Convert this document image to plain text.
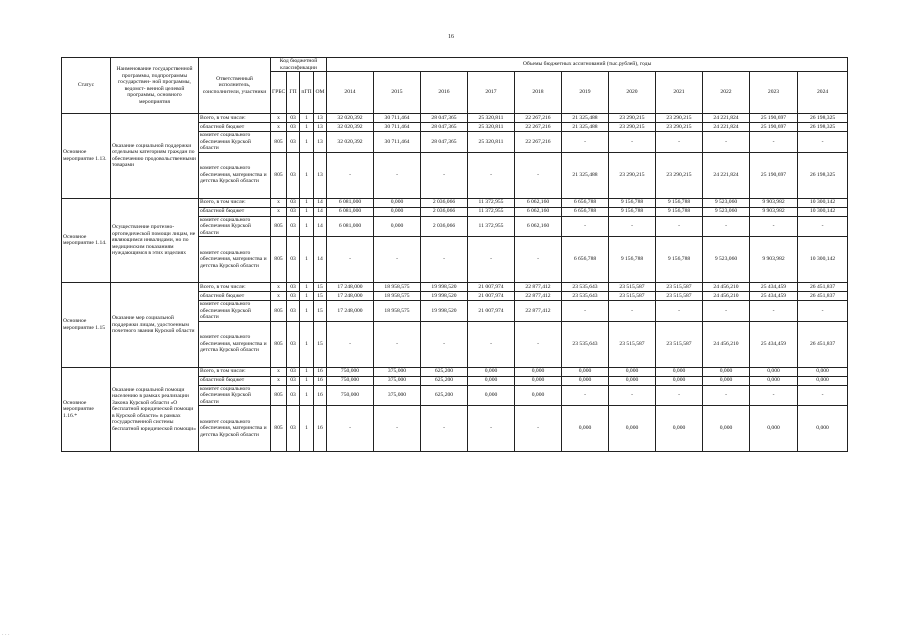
16
Статус	Наименование государственной программы, подпрограммы государствен- ной программы, ведомст- венной целевой программы, основного мероприятия	Ответственный исполнитель, соисполнители, участники	Код бюджетной классификации				Объемы бюджетных ассигнований (тыс.рублей), годы										
			ГРБС	ГП	пГП	ОМ	2014	2015	2016	2017	2018	2019	2020	2021	2022	2023	2024
Основное мероприятие 1.13.	Оказание социальной поддержки отдельным категориям граждан по обеспечению продовольственными товарами	Всего, в том числе:	х	03	1	13	32 020,392	30 711,464	28 047,365	25 320,811	22 267,216	21 325,488	23 290,215	23 290,215	24 221,824	25 190,697	26 198,325
		областной бюджет	х	03	1	13	32 020,392	30 711,464	28 047,365	25 320,811	22 267,216	21 325,488	23 290,215	23 290,215	24 221,824	25 190,697	26 198,325
		комитет социального обеспечения Курской области	805	03	1	13	32 020,392	30 711,464	28 047,365	25 320,811	22 267,216	-	-	-	-	-	-
		комитет социального обеспечения, материнства и детства Курской области	805	03	1	13	-	-	-	-	-	21 325,488	23 290,215	23 290,215	24 221,824	25 190,697	26 198,325
Основное мероприятие 1.14.	Осуществление протезно-ортопедической помощи лицам, не являющимся инвалидами, но по медицинским показаниям нуждающимся в этих изделиях	Всего, в том числе:	х	03	1	14	6 081,000	0,000	2 036,066	11 372,955	6 062,160	6 656,788	9 156,788	9 156,788	9 523,060	9 903,982	10 300,142
		областной бюджет	х	03	1	14	6 081,000	0,000	2 036,066	11 372,955	6 062,160	6 656,788	9 156,788	9 156,788	9 523,060	9 903,982	10 300,142
		комитет социального обеспечения Курской области	805	03	1	14	6 081,000	0,000	2 036,066	11 372,955	6 062,160	-	-	-	-	-	-
		комитет социального обеспечения, материнства и детства Курской области	805	03	1	14	-	-	-	-	-	6 656,788	9 156,788	9 156,788	9 523,060	9 903,982	10 300,142
Основное мероприятие 1.15	Оказание мер социальной поддержки лицам, удостоенным почетного звания Курской области	Всего, в том числе:	х	03	1	15	17 248,000	18 958,575	19 998,520	21 007,974	22 877,412	23 535,643	23 515,587	23 515,587	24 456,210	25 434,459	26 451,837
		областной бюджет	х	03	1	15	17 248,000	18 958,575	19 998,520	21 007,974	22 877,412	23 535,643	23 515,587	23 515,587	24 456,210	25 434,459	26 451,837
		комитет социального обеспечения Курской области	805	03	1	15	17 248,000	18 958,575	19 998,520	21 007,974	22 877,412	-	-	-	-	-	-
		комитет социального обеспечения, материнства и детства Курской области	805	03	1	15	-	-	-	-	-	23 535,643	23 515,587	23 515,587	24 456,210	25 434,459	26 451,837
Основное мероприятие 1.16.*	Оказание социальной помощи населению в рамках реализации Закона Курской области «О бесплатной юридической помощи в Курской области» в рамках государственной системы бесплатной юридической помощи»	Всего, в том числе:	х	03	1	16	750,000	375,000	625,200	0,000	0,000	0,000	0,000	0,000	0,000	0,000	0,000
		областной бюджет	х	03	1	16	750,000	375,000	625,200	0,000	0,000	0,000	0,000	0,000	0,000	0,000	0,000
		комитет социального обеспечения Курской области	805	03	1	16	750,000	375,000	625,200	0,000	0,000	-	-	-	-	-	-
		комитет социального обеспечения, материнства и детства Курской области	805	03	1	16	-	-	-	-	-	0,000	0,000	0,000	0,000	0,000	0,000
. . .
